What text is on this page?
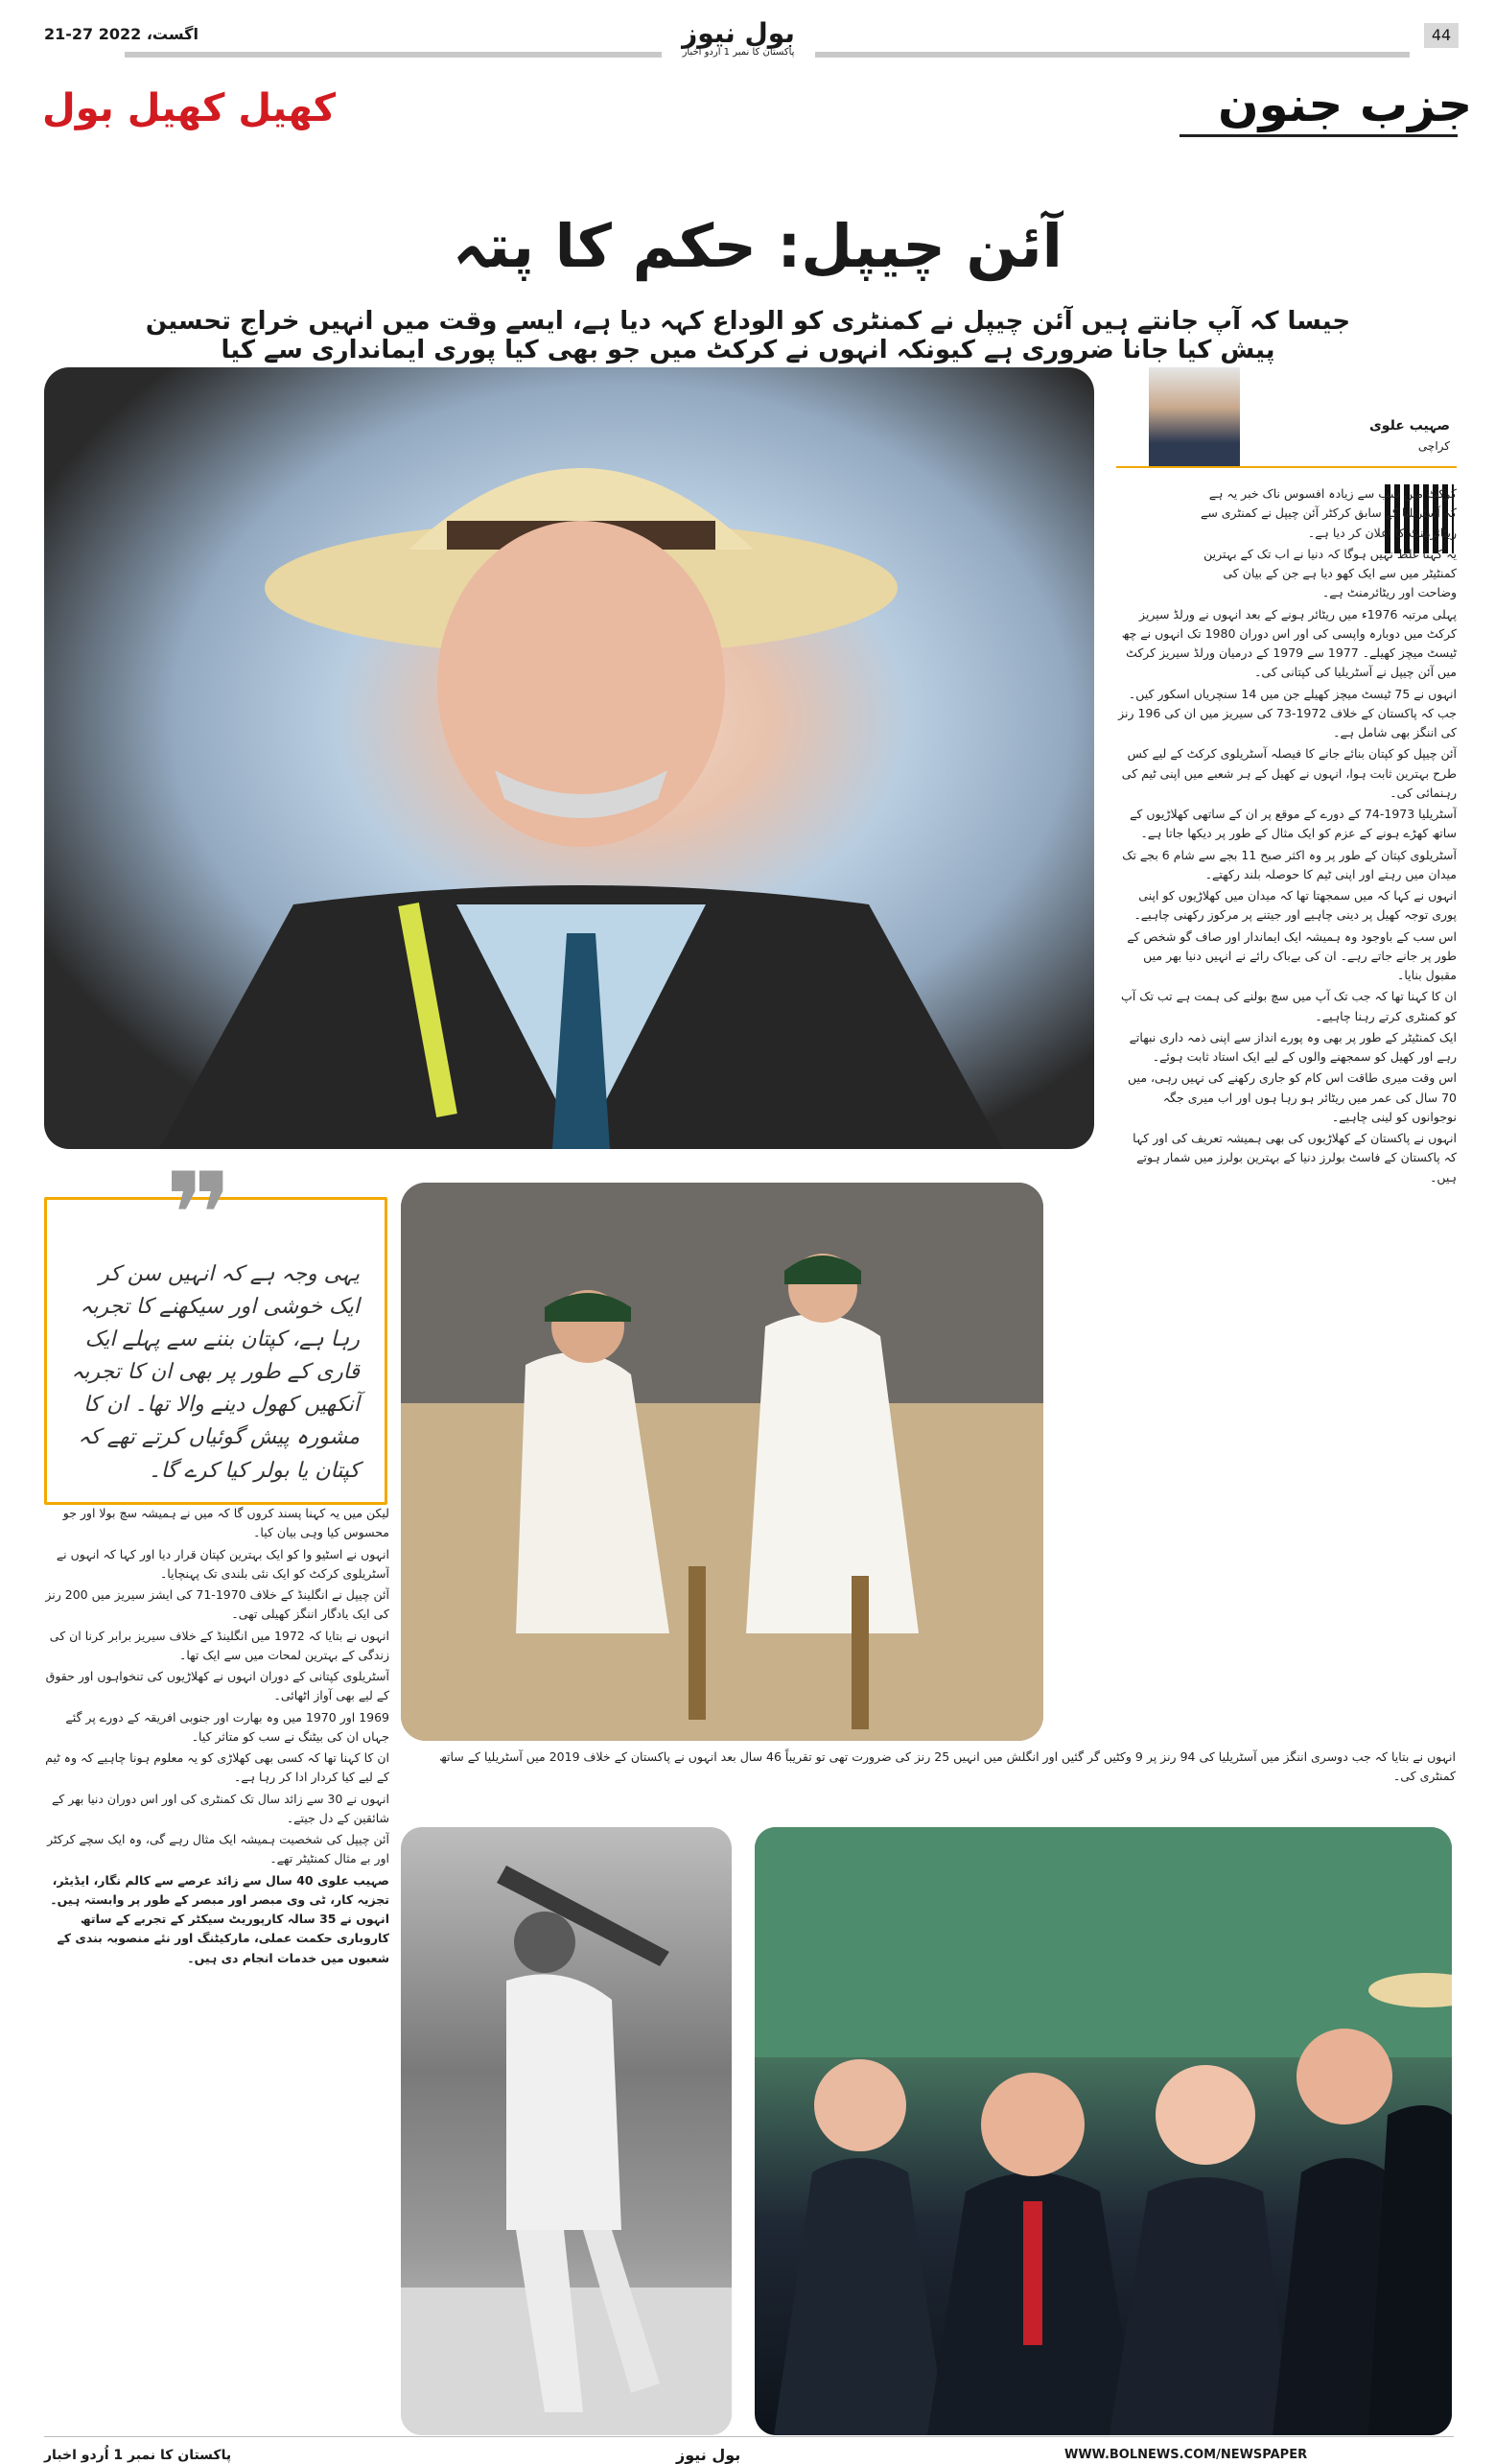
21-27 اگست، 2022	بول نیوز
پاکستان کا نمبر 1 اردو اخبار
44
کھیل کھیل بول	جزب جنون
آئن چیپل: حکم کا پتہ
جیسا کہ آپ جانتے ہیں آئن چیپل نے کمنٹری کو الوداع کہہ دیا ہے، ایسے وقت میں انہیں خراج تحسین پیش کیا جانا ضروری ہے کیونکہ انہوں نے کرکٹ میں جو بھی کیا پوری ایمانداری سے کیا
صہیب علوی
کراچی

کرکٹ میں سب سے زیادہ افسوس ناک خبر یہ ہے کہ آسٹریلیا کے سابق کرکٹر آئن چیپل نے کمنٹری سے ریٹائرمنٹ کا اعلان کر دیا ہے۔

یہ کہنا غلط نہیں ہوگا کہ دنیا نے اب تک کے بہترین کمنٹیٹر میں سے ایک کھو دیا ہے جن کے بیان کی وضاحت اور ریٹائرمنٹ ہے۔

پہلی مرتبہ 1976ء میں ریٹائر ہونے کے بعد انہوں نے ورلڈ سیریز کرکٹ میں دوبارہ واپسی کی اور اس دوران 1980 تک انہوں نے چھ ٹیسٹ میچز کھیلے۔ 1977 سے 1979 کے درمیان ورلڈ سیریز کرکٹ میں آئن چیپل نے آسٹریلیا کی کپتانی کی۔

انہوں نے 75 ٹیسٹ میچز کھیلے جن میں 14 سنچریاں اسکور کیں۔ جب کہ پاکستان کے خلاف 1972-73 کی سیریز میں ان کی 196 رنز کی اننگز بھی شامل ہے۔

آئن چیپل کو کپتان بنائے جانے کا فیصلہ آسٹریلوی کرکٹ کے لیے کس طرح بہترین ثابت ہوا، انہوں نے کھیل کے ہر شعبے میں اپنی ٹیم کی رہنمائی کی۔

آسٹریلیا 1973-74 کے دورے کے موقع پر ان کے ساتھی کھلاڑیوں کے ساتھ کھڑے ہونے کے عزم کو ایک مثال کے طور پر دیکھا جاتا ہے۔

آسٹریلوی کپتان کے طور پر وہ اکثر صبح 11 بجے سے شام 6 بجے تک میدان میں رہتے اور اپنی ٹیم کا حوصلہ بلند رکھتے۔

انہوں نے کہا کہ میں سمجھتا تھا کہ میدان میں کھلاڑیوں کو اپنی پوری توجہ کھیل پر دینی چاہیے اور جیتنے پر مرکوز رکھنی چاہیے۔

اس سب کے باوجود وہ ہمیشہ ایک ایماندار اور صاف گو شخص کے طور پر جانے جاتے رہے۔ ان کی بےباک رائے نے انہیں دنیا بھر میں مقبول بنایا۔

ان کا کہنا تھا کہ جب تک آپ میں سچ بولنے کی ہمت ہے تب تک آپ کو کمنٹری کرتے رہنا چاہیے۔

ایک کمنٹیٹر کے طور پر بھی وہ پورے انداز سے اپنی ذمہ داری نبھاتے رہے اور کھیل کو سمجھنے والوں کے لیے ایک استاد ثابت ہوئے۔

اس وقت میری طاقت اس کام کو جاری رکھنے کی نہیں رہی، میں 70 سال کی عمر میں ریٹائر ہو رہا ہوں اور اب میری جگہ نوجوانوں کو لینی چاہیے۔

انہوں نے پاکستان کے کھلاڑیوں کی بھی ہمیشہ تعریف کی اور کہا کہ پاکستان کے فاسٹ بولرز دنیا کے بہترین بولرز میں شمار ہوتے ہیں۔

❞
یہی وجہ ہے کہ انہیں سن کر ایک خوشی اور سیکھنے کا تجربہ رہا ہے، کپتان بننے سے پہلے ایک قاری کے طور پر بھی ان کا تجربہ آنکھیں کھول دینے والا تھا۔ ان کا مشورہ پیش گوئیاں کرتے تھے کہ کپتان یا بولر کیا کرے گا۔

لیکن میں یہ کہنا پسند کروں گا کہ میں نے ہمیشہ سچ بولا اور جو محسوس کیا وہی بیان کیا۔

انہوں نے اسٹیو وا کو ایک بہترین کپتان قرار دیا اور کہا کہ انہوں نے آسٹریلوی کرکٹ کو ایک نئی بلندی تک پہنچایا۔

آئن چیپل نے انگلینڈ کے خلاف 1970-71 کی ایشز سیریز میں 200 رنز کی ایک یادگار اننگز کھیلی تھی۔

انہوں نے بتایا کہ 1972 میں انگلینڈ کے خلاف سیریز برابر کرنا ان کی زندگی کے بہترین لمحات میں سے ایک تھا۔

آسٹریلوی کپتانی کے دوران انہوں نے کھلاڑیوں کی تنخواہوں اور حقوق کے لیے بھی آواز اٹھائی۔

1969 اور 1970 میں وہ بھارت اور جنوبی افریقہ کے دورے پر گئے جہاں ان کی بیٹنگ نے سب کو متاثر کیا۔

ان کا کہنا تھا کہ کسی بھی کھلاڑی کو یہ معلوم ہونا چاہیے کہ وہ ٹیم کے لیے کیا کردار ادا کر رہا ہے۔

انہوں نے 30 سے زائد سال تک کمنٹری کی اور اس دوران دنیا بھر کے شائقین کے دل جیتے۔

آئن چیپل کی شخصیت ہمیشہ ایک مثال رہے گی، وہ ایک سچے کرکٹر اور بے مثال کمنٹیٹر تھے۔

صہیب علوی 40 سال سے زائد عرصے سے کالم نگار، ایڈیٹر، تجزیہ کار، ٹی وی مبصر اور مبصر کے طور پر وابستہ ہیں۔ انہوں نے 35 سالہ کارپوریٹ سیکٹر کے تجربے کے ساتھ کاروباری حکمت عملی، مارکیٹنگ اور نئے منصوبہ بندی کے شعبوں میں خدمات انجام دی ہیں۔

انہوں نے بتایا کہ جب دوسری اننگز میں آسٹریلیا کی 94 رنز پر 9 وکٹیں گر گئیں اور انگلش میں انہیں 25 رنز کی ضرورت تھی تو تقریباً 46 سال بعد انہوں نے پاکستان کے خلاف 2019 میں آسٹریلیا کے ساتھ کمنٹری کی۔

پاکستان کا نمبر 1 اُردو اخبار	بول نیوز	WWW.BOLNEWS.COM/NEWSPAPER
